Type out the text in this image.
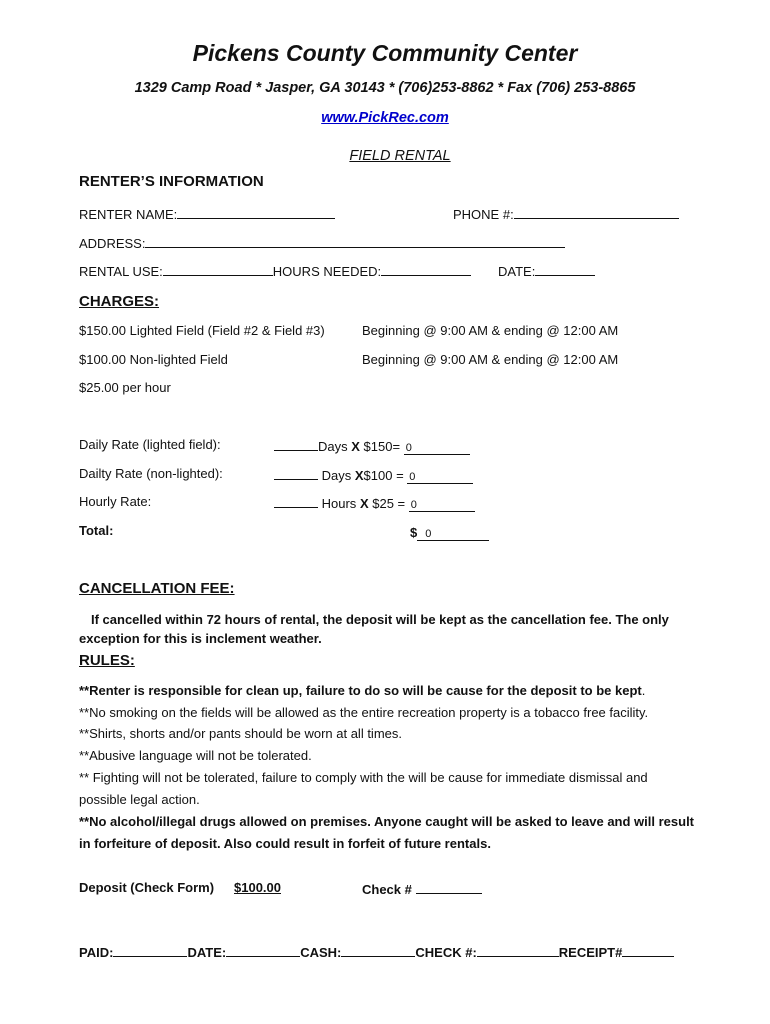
Pickens County Community Center
1329 Camp Road * Jasper, GA 30143 * (706)253-8862 * Fax (706) 253-8865
www.PickRec.com
FIELD RENTAL
RENTER’S INFORMATION
RENTER NAME:	PHONE #:
ADDRESS:
RENTAL USE:	HOURS NEEDED:	DATE:
CHARGES:
$150.00 Lighted Field (Field #2 & Field #3)	Beginning @ 9:00 AM & ending @ 12:00 AM
$100.00 Non-lighted Field	Beginning @ 9:00 AM & ending @ 12:00 AM
$25.00 per hour
Daily Rate (lighted field):	Days X $150= 0
Dailty Rate (non-lighted):	Days X$100 = 0
Hourly Rate:	Hours X $25 = 0
Total:	$ 0
CANCELLATION FEE:
If cancelled within 72 hours of rental, the deposit will be kept as the cancellation fee. The only
exception for this is inclement weather.
RULES:
**Renter is responsible for clean up, failure to do so will be cause for the deposit to be kept.
**No smoking on the fields will be allowed as the entire recreation property is a tobacco free facility.
**Shirts, shorts and/or pants should be worn at all times.
**Abusive language will not be tolerated.
** Fighting will not be tolerated, failure to comply with the will be cause for immediate dismissal and
possible legal action.
**No alcohol/illegal drugs allowed on premises. Anyone caught will be asked to leave and will result
in forfeiture of deposit. Also could result in forfeit of future rentals.
Deposit (Check Form)	$100.00	Check #
PAID:	DATE:	CASH:	CHECK #:	RECEIPT#
